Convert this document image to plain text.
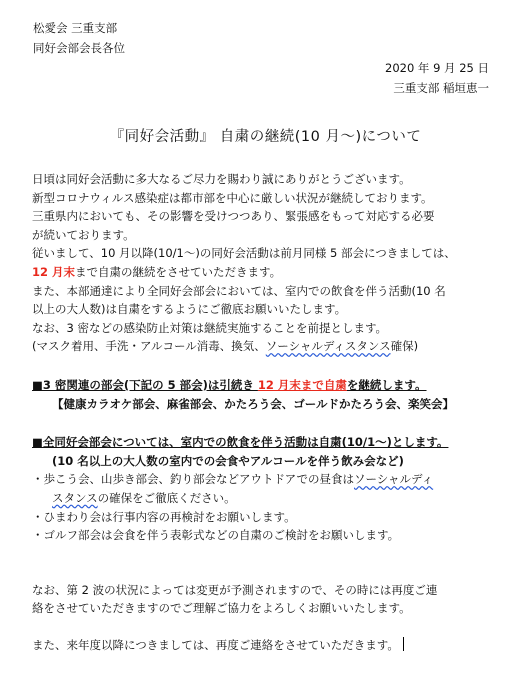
松愛会 三重支部
同好会部会長各位
2020 年 9 月 25 日
三重支部 稲垣恵一
『同好会活動』 自粛の継続(10 月～)について

日頃は同好会活動に多大なるご尽力を賜わり誠にありがとうございます。

新型コロナウィルス感染症は都市部を中心に厳しい状況が継続しております。

三重県内においても、その影響を受けつつあり、緊張感をもって対応する必要

が続いております。

従いまして、10 月以降(10/1～)の同好会活動は前月同様 5 部会につきましては、

12 月末まで自粛の継続をさせていただきます。

また、本部通達により全同好会部会においては、室内での飲食を伴う活動(10 名

以上の大人数)は自粛をするようにご徹底お願いいたします。

なお、3 密などの感染防止対策は継続実施することを前提とします。

(マスク着用、手洗・アルコール消毒、換気、ソーシャルディスタンス確保)

■3 密関連の部会(下記の 5 部会)は引続き 12 月末まで自粛を継続します。

【健康カラオケ部会、麻雀部会、かたろう会、ゴールドかたろう会、楽笑会】

■全同好会部会については、室内での飲食を伴う活動は自粛(10/1～)とします。

(10 名以上の大人数の室内での会食やアルコールを伴う飲み会など)

・歩こう会、山歩き部会、釣り部会などアウトドアでの昼食はソーシャルディ

スタンスの確保をご徹底ください。

・ひまわり会は行事内容の再検討をお願いします。

・ゴルフ部会は会食を伴う表彰式などの自粛のご検討をお願いします。

なお、第 2 波の状況によっては変更が予測されますので、その時には再度ご連

絡をさせていただきますのでご理解ご協力をよろしくお願いいたします。

また、来年度以降につきましては、再度ご連絡をさせていただきます。
